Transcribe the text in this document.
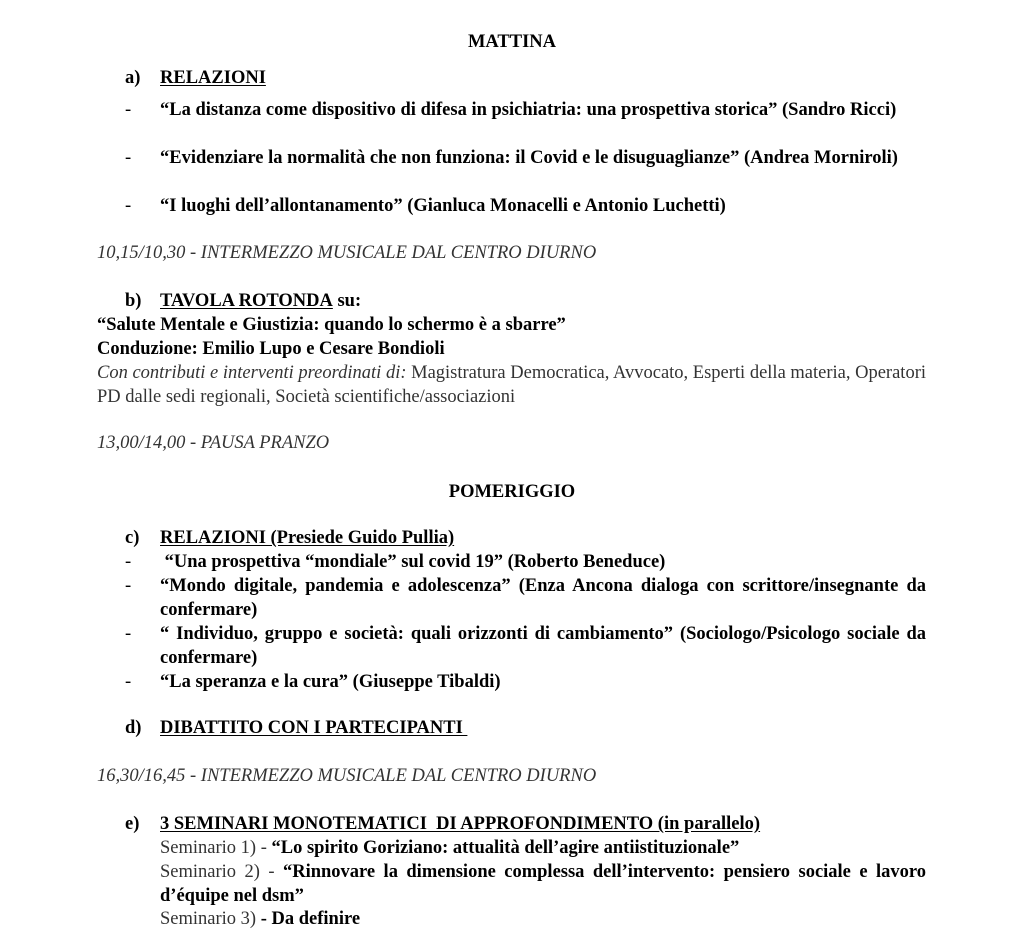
MATTINA
a) RELAZIONI
- “La distanza come dispositivo di difesa in psichiatria: una prospettiva storica” (Sandro Ricci)
- “Evidenziare la normalità che non funziona: il Covid e le disuguaglianze” (Andrea Morniroli)
- “I luoghi dell’allontanamento” (Gianluca Monacelli e Antonio Luchetti)
10,15/10,30 - INTERMEZZO MUSICALE DAL CENTRO DIURNO
b) TAVOLA ROTONDA su:
“Salute Mentale e Giustizia: quando lo schermo è a sbarre”
Conduzione: Emilio Lupo e Cesare Bondioli
Con contributi e interventi preordinati di: Magistratura Democratica, Avvocato, Esperti della materia, Operatori PD dalle sedi regionali, Società scientifiche/associazioni
13,00/14,00 - PAUSA PRANZO
POMERIGGIO
c) RELAZIONI (Presiede Guido Pullia)
- “Una prospettiva “mondiale” sul covid 19” (Roberto Beneduce)
- “Mondo digitale, pandemia e adolescenza” (Enza Ancona dialoga con scrittore/insegnante da confermare)
- “ Individuo, gruppo e società: quali orizzonti di cambiamento” (Sociologo/Psicologo sociale da confermare)
- “La speranza e la cura” (Giuseppe Tibaldi)
d) DIBATTITO CON I PARTECIPANTI
16,30/16,45 - INTERMEZZO MUSICALE DAL CENTRO DIURNO
e) 3 SEMINARI MONOTEMATICI  DI APPROFONDIMENTO (in parallelo)
Seminario 1) - “Lo spirito Goriziano: attualità dell’agire antiistituzionale”
Seminario 2) - “Rinnovare la dimensione complessa dell’intervento: pensiero sociale e lavoro d’équipe nel dsm”
Seminario 3) - Da definire
